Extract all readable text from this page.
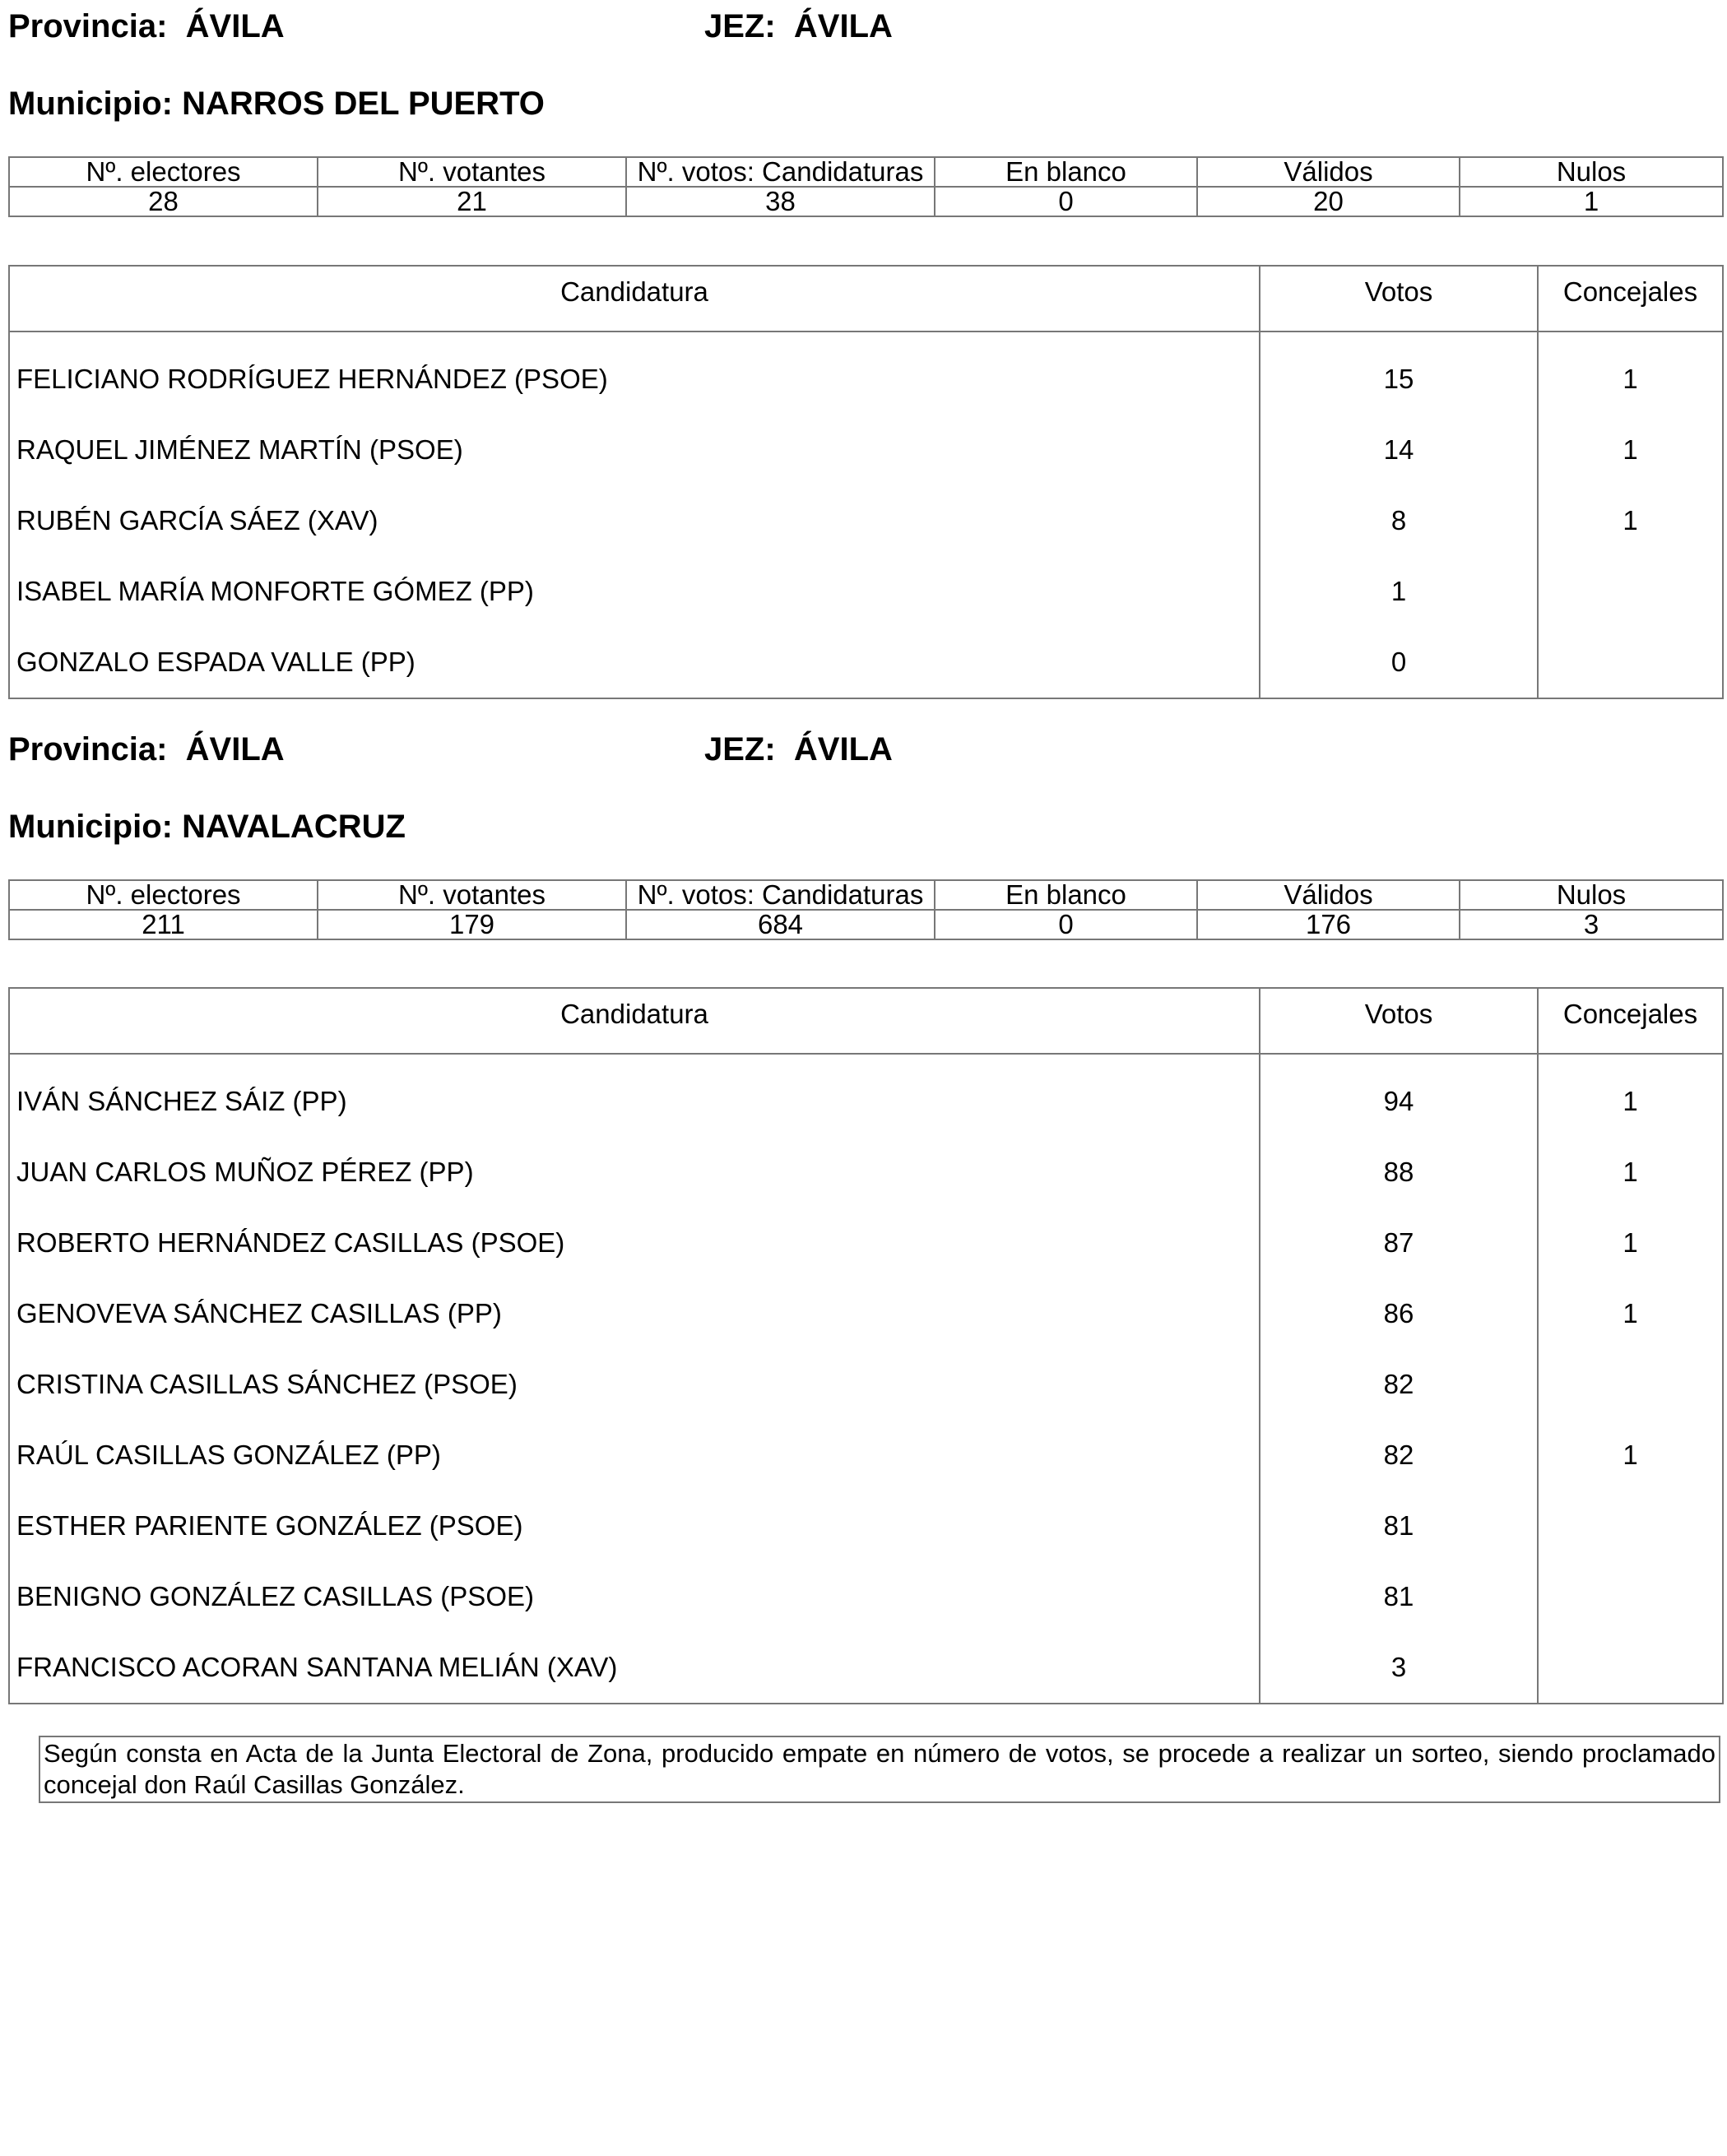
Provincia: ÁVILA	JEZ: ÁVILA
Municipio: NARROS DEL PUERTO
Nº. electores	Nº. votantes	Nº. votos: Candidaturas	En blanco	Válidos	Nulos
28	21	38	0	20	1
Candidatura	Votos	Concejales
FELICIANO RODRÍGUEZ HERNÁNDEZ (PSOE)	15	1
RAQUEL JIMÉNEZ MARTÍN (PSOE)	14	1
RUBÉN GARCÍA SÁEZ (XAV)	8	1
ISABEL MARÍA MONFORTE GÓMEZ (PP)	1	
GONZALO ESPADA VALLE (PP)	0	
Provincia: ÁVILA	JEZ: ÁVILA
Municipio: NAVALACRUZ
Nº. electores	Nº. votantes	Nº. votos: Candidaturas	En blanco	Válidos	Nulos
211	179	684	0	176	3
Candidatura	Votos	Concejales
IVÁN SÁNCHEZ SÁIZ (PP)	94	1
JUAN CARLOS MUÑOZ PÉREZ (PP)	88	1
ROBERTO HERNÁNDEZ CASILLAS (PSOE)	87	1
GENOVEVA SÁNCHEZ CASILLAS (PP)	86	1
CRISTINA CASILLAS SÁNCHEZ (PSOE)	82	
RAÚL CASILLAS GONZÁLEZ (PP)	82	1
ESTHER PARIENTE GONZÁLEZ (PSOE)	81	
BENIGNO GONZÁLEZ CASILLAS (PSOE)	81	
FRANCISCO ACORAN SANTANA MELIÁN (XAV)	3	
Según consta en Acta de la Junta Electoral de Zona, producido empate en número de votos, se procede a realizar un sorteo, siendo proclamado concejal don Raúl Casillas González.
